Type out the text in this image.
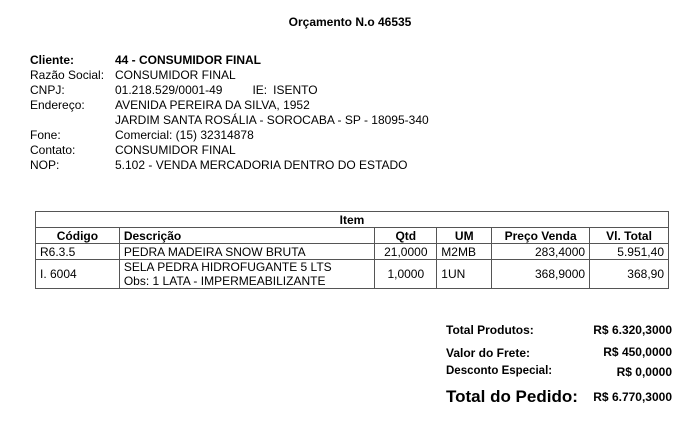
Orçamento N.o 46535
Cliente:	44 - CONSUMIDOR FINAL
Razão Social: CONSUMIDOR FINAL
CNPJ:	01.218.529/0001-49	IE: ISENTO
Endereço:	AVENIDA PEREIRA DA SILVA, 1952
JARDIM SANTA ROSÁLIA - SOROCABA - SP - 18095-340
Fone:	Comercial: (15) 32314878
Contato:	CONSUMIDOR FINAL
NOP:	5.102 - VENDA MERCADORIA DENTRO DO ESTADO
Item					
Código	Descrição	Qtd	UM	Preço Venda	Vl. Total
R6.3.5	PEDRA MADEIRA SNOW BRUTA	21,0000	M2MB	283,4000	5.951,40
I. 6004	SELA PEDRA HIDROFUGANTE 5 LTS
Obs: 1 LATA - IMPERMEABILIZANTE	1,0000	1UN	368,9000	368,90
Total Produtos:	R$ 6.320,3000
Valor do Frete:	R$ 450,0000
Desconto Especial:	R$ 0,0000
Total do Pedido: R$ 6.770,3000
